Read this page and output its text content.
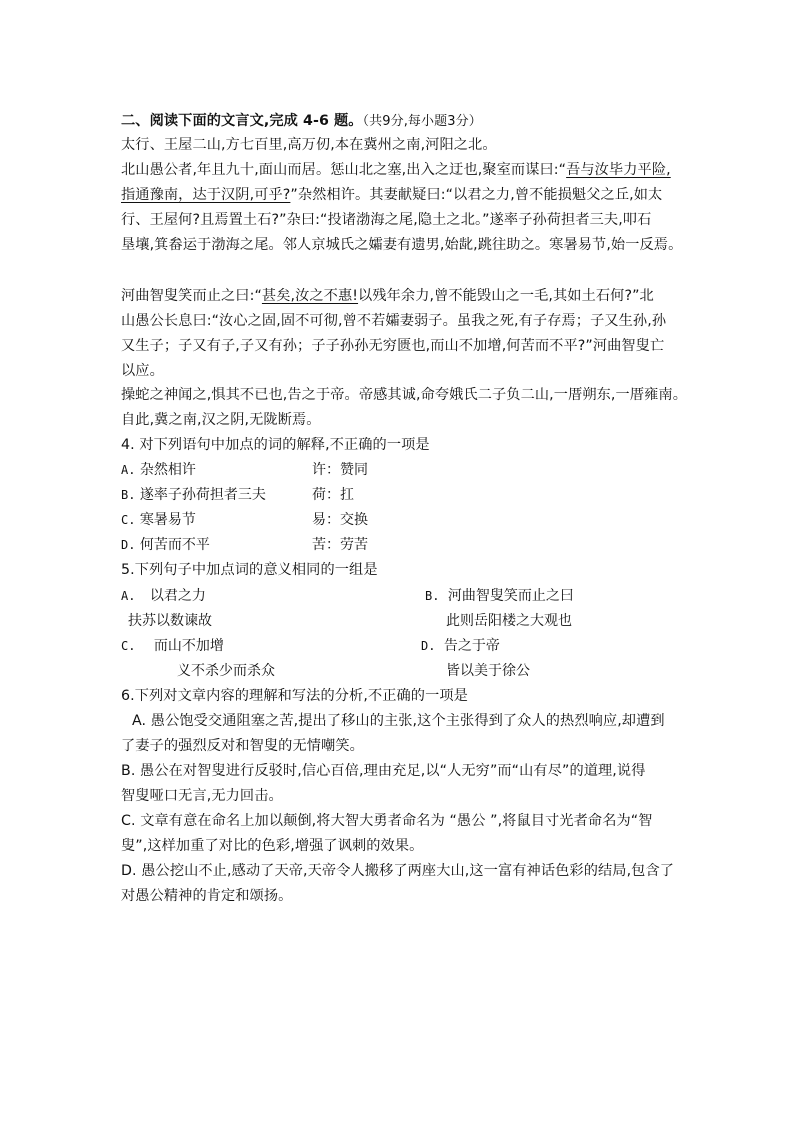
二、阅读下面的文言文,完成 4-6 题。（共9分,每小题3分）
太行、王屋二山,方七百里,高万仞,本在冀州之南,河阳之北。
北山愚公者,年且九十,面山而居。惩山北之塞,出入之迂也,聚室而谋曰:“吾与汝毕力平险,
指通豫南，达于汉阴,可乎?”杂然相许。其妻献疑曰:“以君之力,曾不能损魁父之丘,如太
行、王屋何?且焉置土石?”杂曰:“投诸渤海之尾,隐土之北。”遂率子孙荷担者三夫,叩石
垦壤,箕畚运于渤海之尾。邻人京城氏之孀妻有遗男,始龀,跳往助之。寒暑易节,始一反焉。
河曲智叟笑而止之曰:“甚矣,汝之不惠!以残年余力,曾不能毁山之一毛,其如土石何?”北
山愚公长息曰:“汝心之固,固不可彻,曾不若孀妻弱子。虽我之死,有子存焉；子又生孙,孙
又生子；子又有子,子又有孙；子子孙孙无穷匮也,而山不加增,何苦而不平?”河曲智叟亡
以应。
操蛇之神闻之,惧其不已也,告之于帝。帝感其诚,命夸娥氏二子负二山,一厝朔东,一厝雍南。
自此,冀之南,汉之阴,无陇断焉。
4. 对下列语句中加点的词的解释,不正确的一项是
A. 杂然相许	许：赞同
B. 遂率子孙荷担者三夫	荷：扛
C. 寒暑易节	易：交换
D. 何苦而不平	苦：劳苦
5.下列句子中加点词的意义相同的一组是
A. 以君之力
扶苏以数谏故
B. 河曲智叟笑而止之曰
此则岳阳楼之大观也
C. 而山不加增
义不杀少而杀众
D. 告之于帝
皆以美于徐公
6.下列对文章内容的理解和写法的分析,不正确的一项是
A. 愚公饱受交通阻塞之苦,提出了移山的主张,这个主张得到了众人的热烈响应,却遭到
了妻子的强烈反对和智叟的无情嘲笑。
B. 愚公在对智叟进行反驳时,信心百倍,理由充足,以“人无穷”而“山有尽”的道理,说得
智叟哑口无言,无力回击。
C. 文章有意在命名上加以颠倒,将大智大勇者命名为 “愚公 ”,将鼠目寸光者命名为“智
叟”,这样加重了对比的色彩,增强了讽刺的效果。
D. 愚公挖山不止,感动了天帝,天帝令人搬移了两座大山,这一富有神话色彩的结局,包含了
对愚公精神的肯定和颂扬。
